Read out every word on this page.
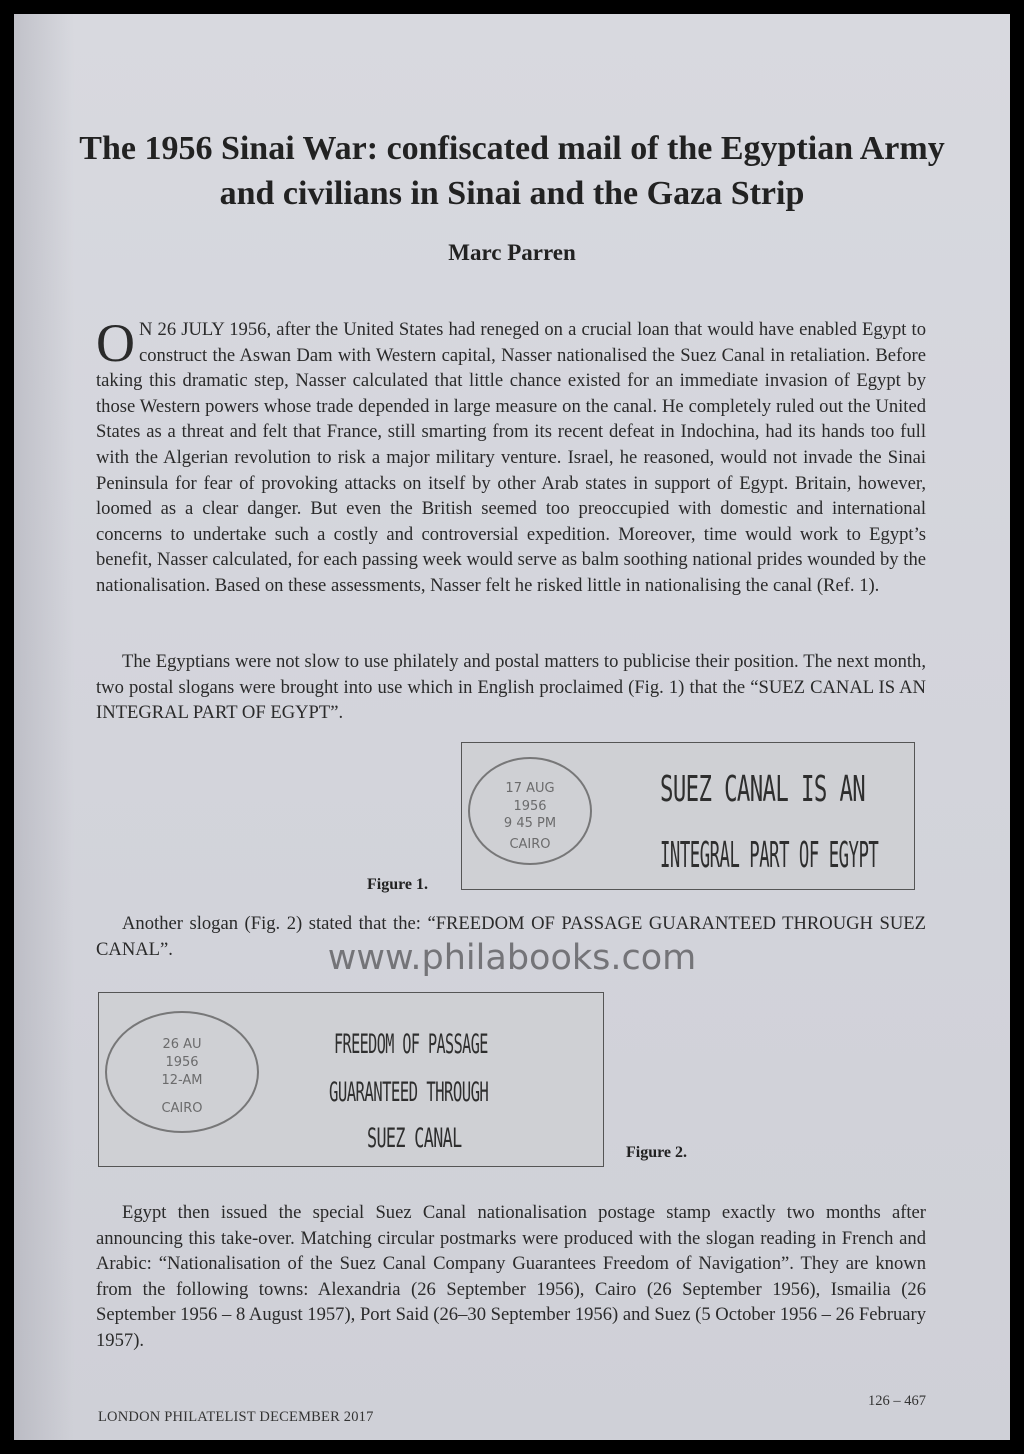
The 1956 Sinai War: confiscated mail of the Egyptian Army and civilians in Sinai and the Gaza Strip
Marc Parren

O N 26 JULY 1956, after the United States had reneged on a crucial loan that would have enabled Egypt to construct the Aswan Dam with Western capital, Nasser nationalised the Suez Canal in retaliation. Before taking this dramatic step, Nasser calculated that little chance existed for an immediate invasion of Egypt by those Western powers whose trade depended in large measure on the canal. He completely ruled out the United States as a threat and felt that France, still smarting from its recent defeat in Indochina, had its hands too full with the Algerian revolution to risk a major military venture. Israel, he reasoned, would not invade the Sinai Peninsula for fear of provoking attacks on itself by other Arab states in support of Egypt. Britain, however, loomed as a clear danger. But even the British seemed too preoccupied with domestic and international concerns to undertake such a costly and controversial expedition. Moreover, time would work to Egypt’s benefit, Nasser calculated, for each passing week would serve as balm soothing national prides wounded by the nationalisation. Based on these assessments, Nasser felt he risked little in nationalising the canal (Ref. 1).

The Egyptians were not slow to use philately and postal matters to publicise their position. The next month, two postal slogans were brought into use which in English proclaimed (Fig. 1) that the “SUEZ CANAL IS AN INTEGRAL PART OF EGYPT”.

17 AUG
1956
9 45 PM
CAIRO
SUEZ CANAL IS AN
INTEGRAL PART OF EGYPT
Figure 1.

Another slogan (Fig. 2) stated that the: “FREEDOM OF PASSAGE GUARANTEED THROUGH SUEZ CANAL”.	www.philabooks.com
26 AU
1956
12-AM
CAIRO
FREEDOM OF PASSAGE
GUARANTEED THROUGH
SUEZ CANAL	Figure 2.

Egypt then issued the special Suez Canal nationalisation postage stamp exactly two months after announcing this take-over. Matching circular postmarks were produced with the slogan reading in French and Arabic: “Nationalisation of the Suez Canal Company Guarantees Freedom of Navigation”. They are known from the following towns: Alexandria (26 September 1956), Cairo (26 September 1956), Ismailia (26 September 1956 – 8 August 1957), Port Said (26–30 September 1956) and Suez (5 October 1956 – 26 February 1957).

LONDON PHILATELIST DECEMBER 2017
126 – 467
